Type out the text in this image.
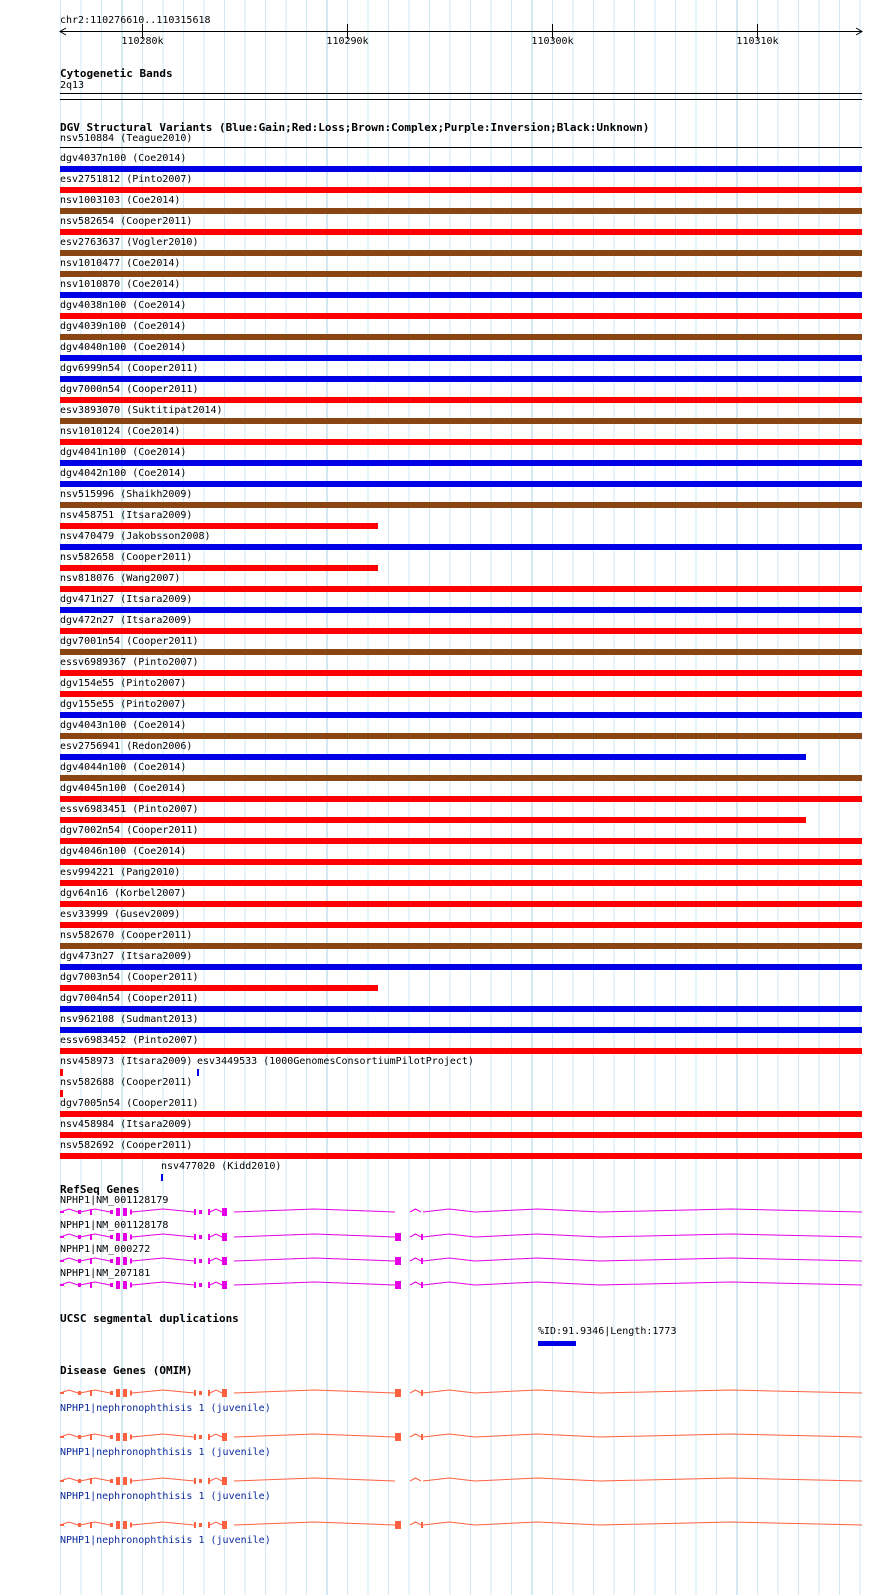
chr2:110276610..110315618
110280k	110290k	110300k	110310k
Cytogenetic Bands
2q13
DGV Structural Variants (Blue:Gain;Red:Loss;Brown:Complex;Purple:Inversion;Black:Unknown)
nsv510884 (Teague2010)
dgv4037n100 (Coe2014)
esv2751812 (Pinto2007)
nsv1003103 (Coe2014)
nsv582654 (Cooper2011)
esv2763637 (Vogler2010)
nsv1010477 (Coe2014)
nsv1010870 (Coe2014)
dgv4038n100 (Coe2014)
dgv4039n100 (Coe2014)
dgv4040n100 (Coe2014)
dgv6999n54 (Cooper2011)
dgv7000n54 (Cooper2011)
esv3893070 (Suktitipat2014)
nsv1010124 (Coe2014)
dgv4041n100 (Coe2014)
dgv4042n100 (Coe2014)
nsv515996 (Shaikh2009)
nsv458751 (Itsara2009)
nsv470479 (Jakobsson2008)
nsv582658 (Cooper2011)
nsv818076 (Wang2007)
dgv471n27 (Itsara2009)
dgv472n27 (Itsara2009)
dgv7001n54 (Cooper2011)
essv6989367 (Pinto2007)
dgv154e55 (Pinto2007)
dgv155e55 (Pinto2007)
dgv4043n100 (Coe2014)
esv2756941 (Redon2006)
dgv4044n100 (Coe2014)
dgv4045n100 (Coe2014)
essv6983451 (Pinto2007)
dgv7002n54 (Cooper2011)
dgv4046n100 (Coe2014)
esv994221 (Pang2010)
dgv64n16 (Korbel2007)
esv33999 (Gusev2009)
nsv582670 (Cooper2011)
dgv473n27 (Itsara2009)
dgv7003n54 (Cooper2011)
dgv7004n54 (Cooper2011)
nsv962108 (Sudmant2013)
essv6983452 (Pinto2007)
nsv458973 (Itsara2009) esv3449533 (1000GenomesConsortiumPilotProject)
nsv582688 (Cooper2011)
dgv7005n54 (Cooper2011)
nsv458984 (Itsara2009)
nsv582692 (Cooper2011)
nsv477020 (Kidd2010)
RefSeq Genes
NPHP1|NM_001128179
NPHP1|NM_001128178
NPHP1|NM_000272
NPHP1|NM_207181
UCSC segmental duplications
%ID:91.9346|Length:1773
Disease Genes (OMIM)
NPHP1|nephronophthisis 1 (juvenile)
NPHP1|nephronophthisis 1 (juvenile)
NPHP1|nephronophthisis 1 (juvenile)
NPHP1|nephronophthisis 1 (juvenile)
